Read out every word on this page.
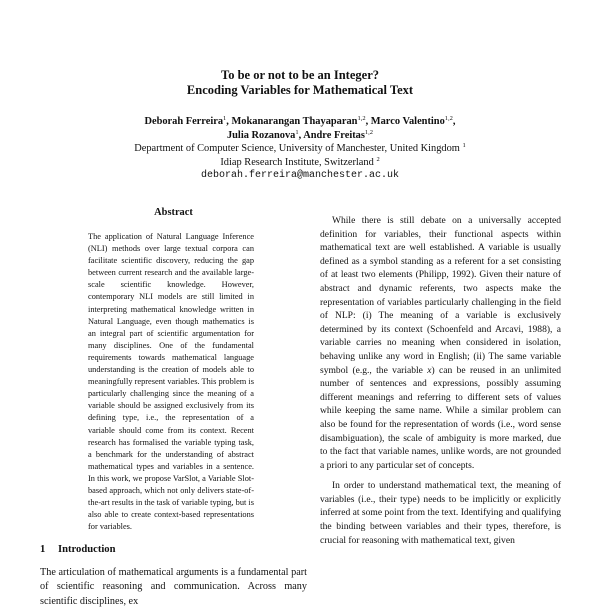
To be or not to be an Integer?
Encoding Variables for Mathematical Text
Deborah Ferreira$^1$, Mokanarangan Thayaparan$^{1,2}$, Marco Valentino$^{1,2}$,
Julia Rozanova$^1$, Andre Freitas$^{1,2}$
Department of Computer Science, University of Manchester, United Kingdom $^1$
Idiap Research Institute, Switzerland $^2$
deborah.ferreira@manchester.ac.uk
Abstract

The application of Natural Language Inference (NLI) methods over large textual corpora can facilitate scientific discovery, reducing the gap between current research and the available large-scale scientific knowledge. However, contemporary NLI models are still limited in interpreting mathematical knowledge written in Natural Language, even though mathematics is an integral part of scientific argumentation for many disciplines. One of the fundamental requirements towards mathematical language understanding is the creation of models able to meaningfully represent variables. This problem is particularly challenging since the meaning of a variable should be assigned exclusively from its defining type, i.e., the representation of a variable should come from its context. Recent research has formalised the variable typing task, a benchmark for the understanding of abstract mathematical types and variables in a sentence. In this work, we propose VarSlot, a Variable Slot-based approach, which not only delivers state-of-the-art results in the task of variable typing, but is also able to create context-based representations for variables.

1 Introduction

The articulation of mathematical arguments is a fundamental part of scientific reasoning and communication. Across many scientific disciplines, ex

While there is still debate on a universally accepted definition for variables, their functional aspects within mathematical text are well established. A variable is usually defined as a symbol standing as a referent for a set consisting of at least two elements (Philipp, 1992). Given their nature of abstract and dynamic referents, two aspects make the representation of variables particularly challenging in the field of NLP: (i) The meaning of a variable is exclusively determined by its context (Schoenfeld and Arcavi, 1988), a variable carries no meaning when considered in isolation, behaving unlike any word in English; (ii) The same variable symbol (e.g., the variable x) can be reused in an unlimited number of sentences and expressions, possibly assuming different meanings and referring to different sets of values while keeping the same name. While a similar problem can also be found for the representation of words (i.e., word sense disambiguation), the scale of ambiguity is more marked, due to the fact that variable names, unlike words, are not grounded a priori to any particular set of concepts.

In order to understand mathematical text, the meaning of variables (i.e., their type) needs to be implicitly or explicitly inferred at some point from the text. Identifying and qualifying the binding between variables and their types, therefore, is crucial for reasoning with mathematical text, given
